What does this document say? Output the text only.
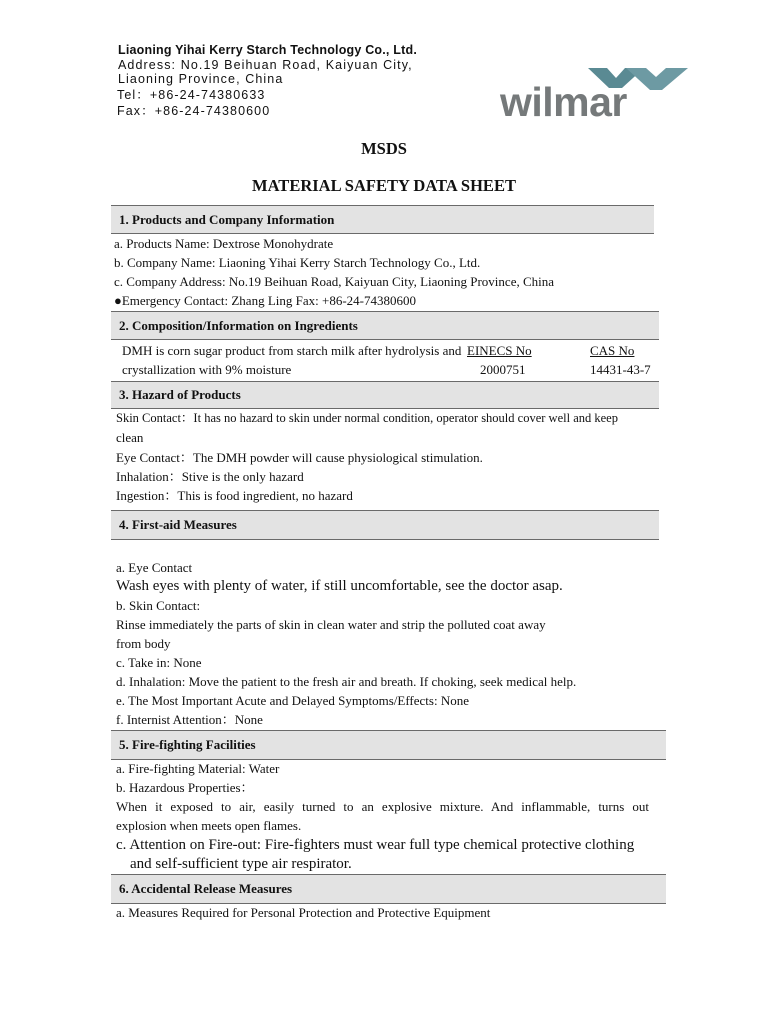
Liaoning Yihai Kerry Starch Technology Co., Ltd.
Address: No.19 Beihuan Road, Kaiyuan City,
Liaoning Province, China
Tel：+86-24-74380633
Fax：+86-24-74380600	wilmar
MSDS
MATERIAL SAFETY DATA SHEET
1. Products and Company Information
a. Products Name: Dextrose Monohydrate
b. Company Name: Liaoning Yihai Kerry Starch Technology Co., Ltd.
c. Company Address: No.19 Beihuan Road, Kaiyuan City, Liaoning Province, China
●Emergency Contact: Zhang Ling Fax: +86-24-74380600
2. Composition/Information on Ingredients
DMH is corn sugar product from starch milk after hydrolysis and
crystallization with 9% moisture
EINECS No
2000751
CAS No
14431-43-7
3. Hazard of Products
Skin Contact：It has no hazard to skin under normal condition, operator should cover well and keep
clean
Eye Contact：The DMH powder will cause physiological stimulation.
Inhalation：Stive is the only hazard
Ingestion：This is food ingredient, no hazard
4. First-aid Measures
a. Eye Contact
Wash eyes with plenty of water, if still uncomfortable, see the doctor asap.
b. Skin Contact:
Rinse immediately the parts of skin in clean water and strip the polluted coat away
from body
c. Take in: None
d. Inhalation: Move the patient to the fresh air and breath. If choking, seek medical help.
e. The Most Important Acute and Delayed Symptoms/Effects: None
f. Internist Attention：None
5. Fire-fighting Facilities
a. Fire-fighting Material: Water
b. Hazardous Properties：
When it exposed to air, easily turned to an explosive mixture. And inflammable, turns out
explosion when meets open flames.
c. Attention on Fire-out: Fire-fighters must wear full type chemical protective clothing
and self-sufficient type air respirator.
6. Accidental Release Measures
a. Measures Required for Personal Protection and Protective Equipment
